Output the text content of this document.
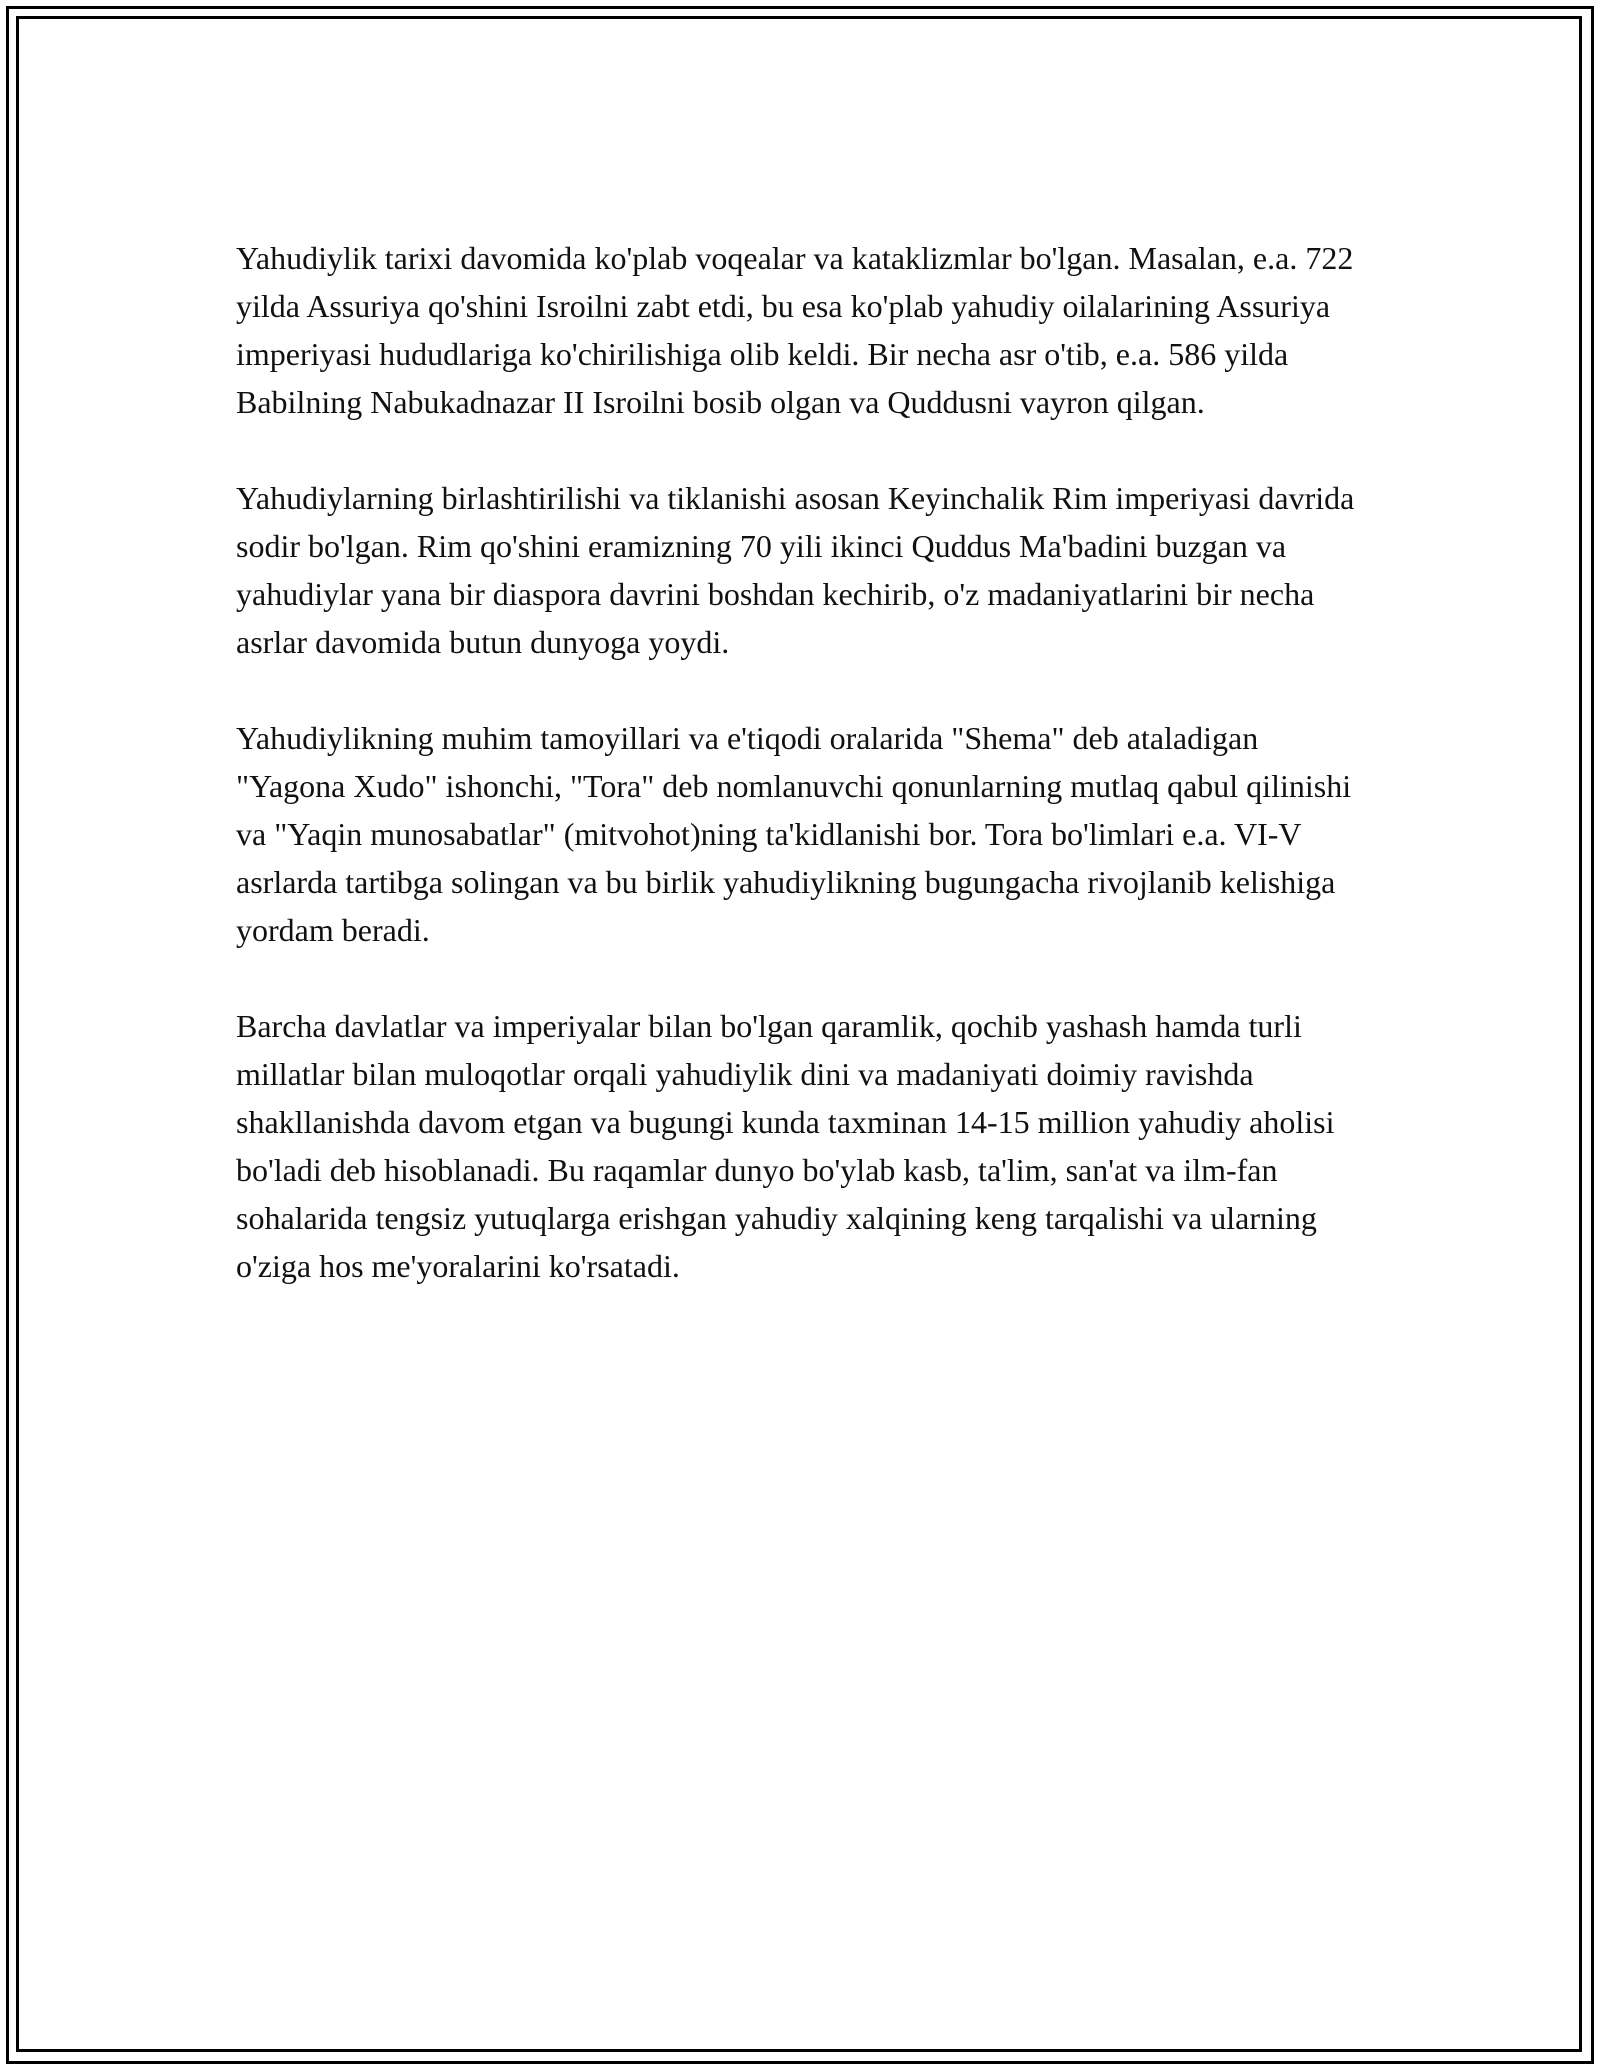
Yahudiylik tarixi davomida ko'plab voqealar va kataklizmlar bo'lgan. Masalan, e.a. 722 yilda Assuriya qo'shini Isroilni zabt etdi, bu esa ko'plab yahudiy oilalarining Assuriya imperiyasi hududlariga ko'chirilishiga olib keldi. Bir necha asr o'tib, e.a. 586 yilda Babilning Nabukadnazar II Isroilni bosib olgan va Quddusni vayron qilgan.

Yahudiylarning birlashtirilishi va tiklanishi asosan Keyinchalik Rim imperiyasi davrida sodir bo'lgan. Rim qo'shini eramizning 70 yili ikinci Quddus Ma'badini buzgan va yahudiylar yana bir diaspora davrini boshdan kechirib, o'z madaniyatlarini bir necha asrlar davomida butun dunyoga yoydi.

Yahudiylikning muhim tamoyillari va e'tiqodi oralarida "Shema" deb ataladigan "Yagona Xudo" ishonchi, "Tora" deb nomlanuvchi qonunlarning mutlaq qabul qilinishi va "Yaqin munosabatlar" (mitvohot)ning ta'kidlanishi bor. Tora bo'limlari e.a. VI-V asrlarda tartibga solingan va bu birlik yahudiylikning bugungacha rivojlanib kelishiga yordam beradi.

Barcha davlatlar va imperiyalar bilan bo'lgan qaramlik, qochib yashash hamda turli millatlar bilan muloqotlar orqali yahudiylik dini va madaniyati doimiy ravishda shakllanishda davom etgan va bugungi kunda taxminan 14-15 million yahudiy aholisi bo'ladi deb hisoblanadi. Bu raqamlar dunyo bo'ylab kasb, ta'lim, san'at va ilm-fan sohalarida tengsiz yutuqlarga erishgan yahudiy xalqining keng tarqalishi va ularning o'ziga hos me'yoralarini ko'rsatadi.
